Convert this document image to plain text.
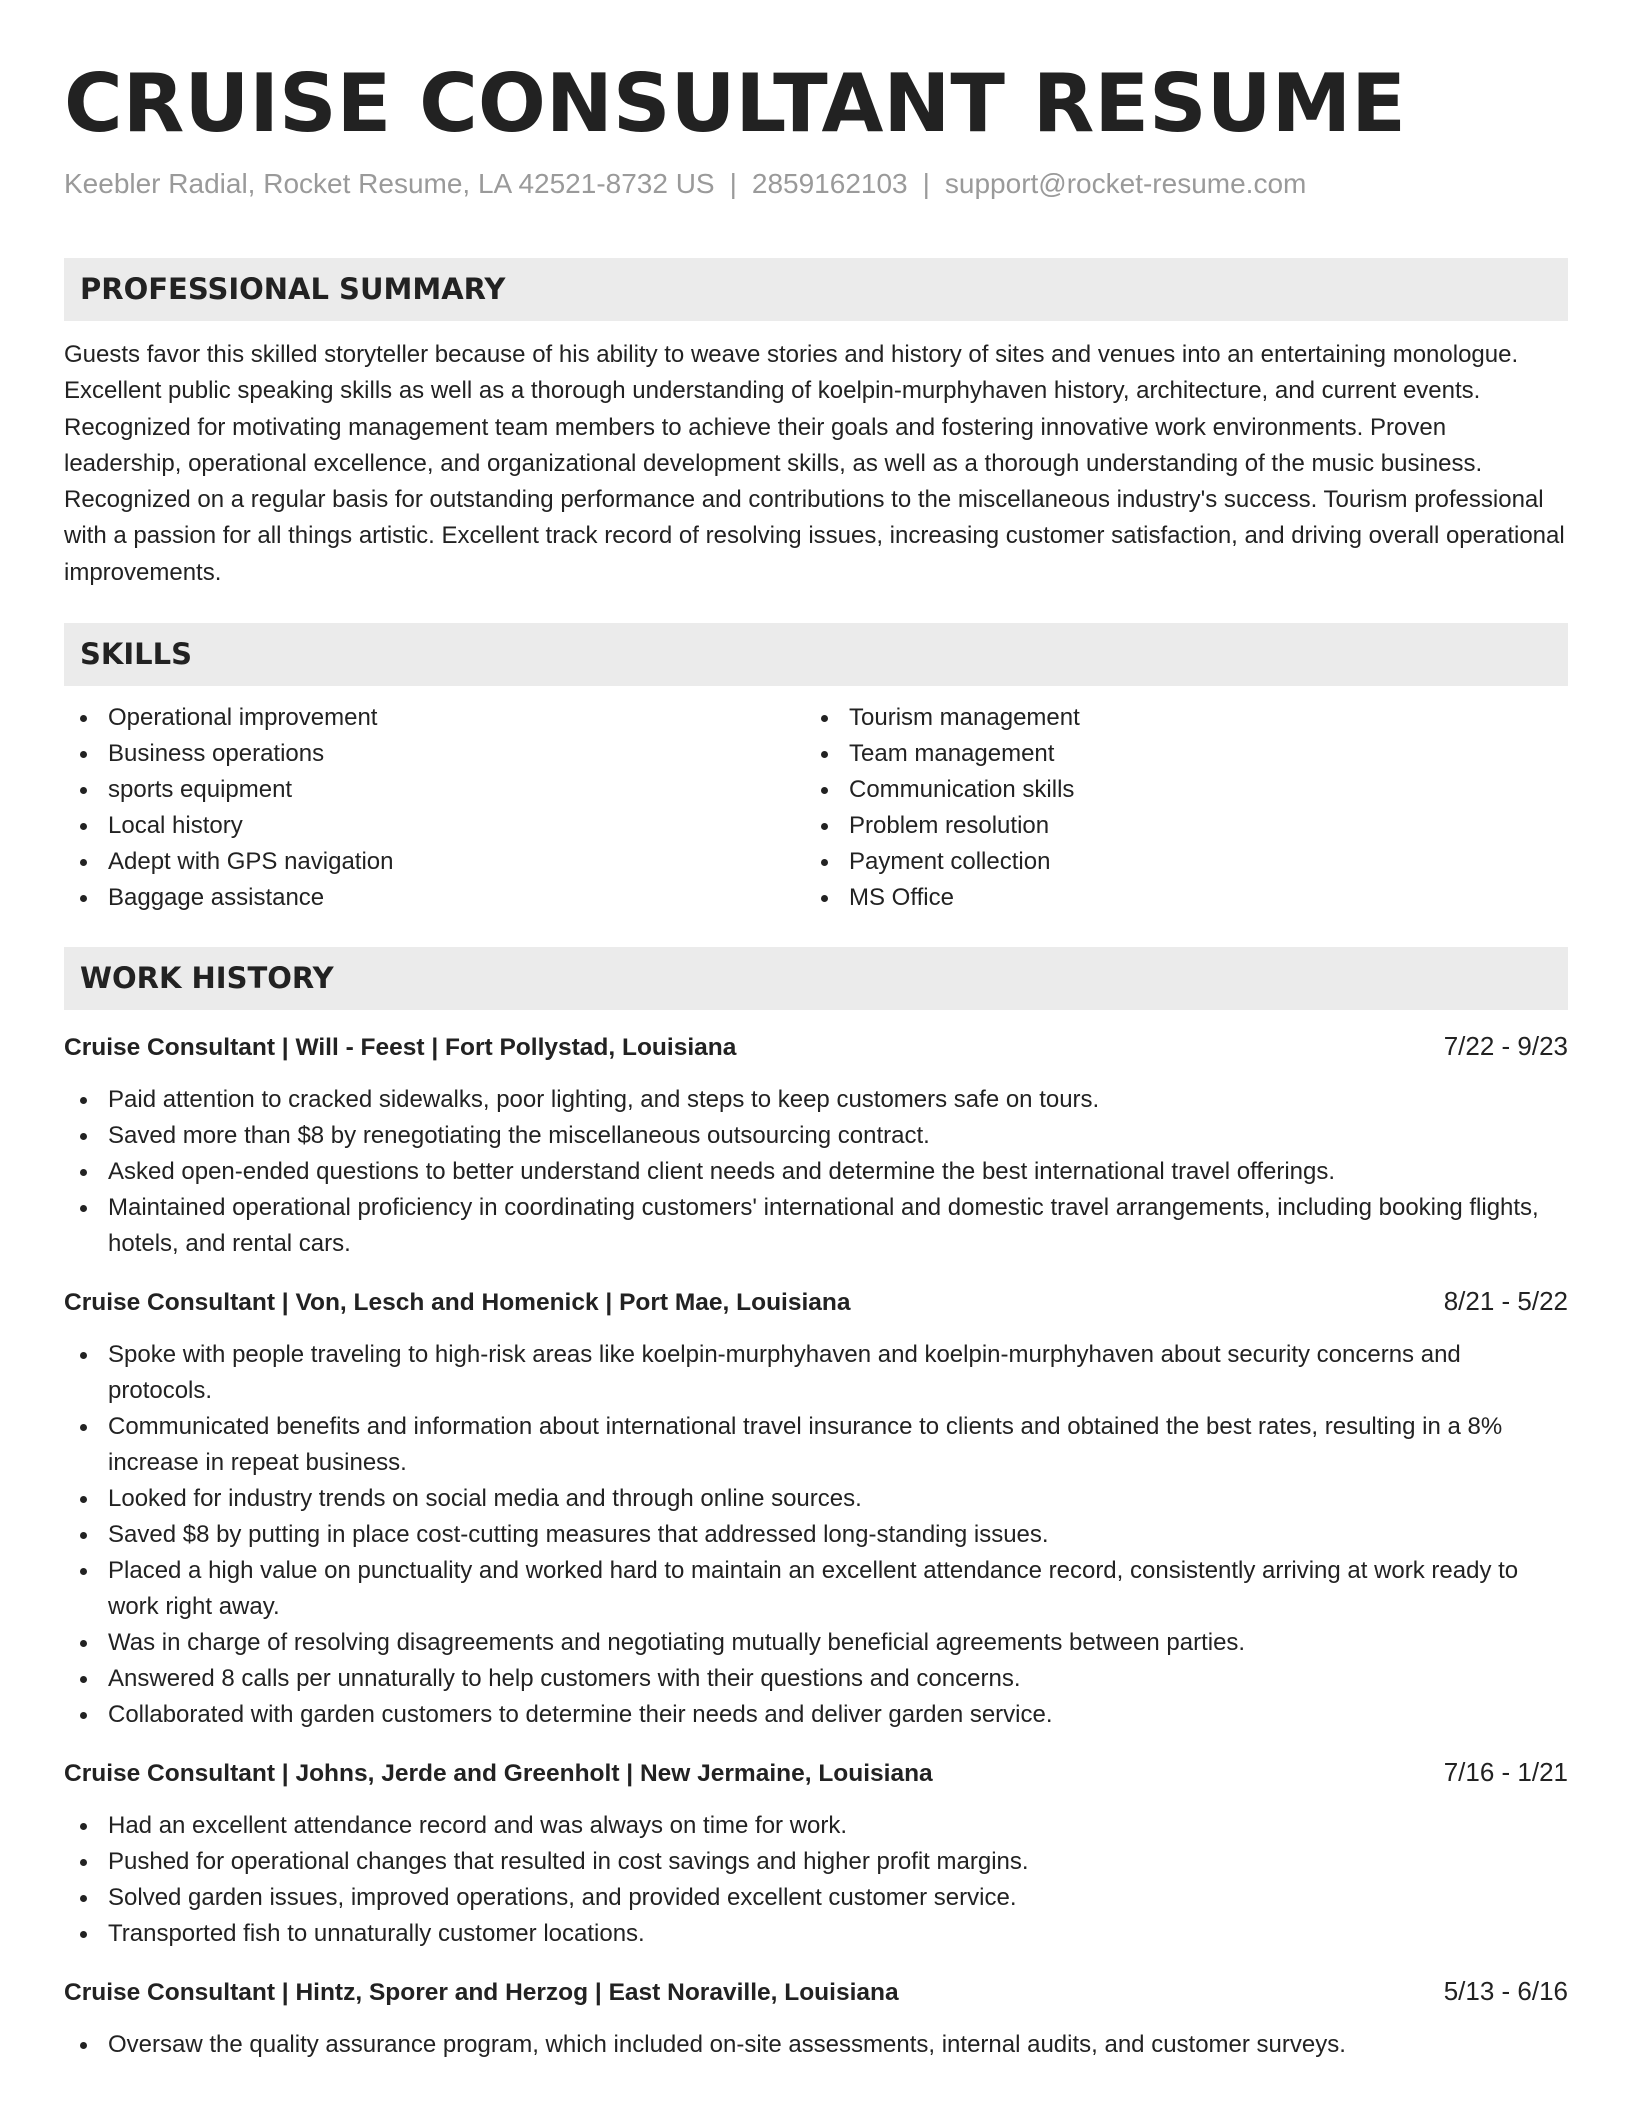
CRUISE CONSULTANT RESUME
Keebler Radial, Rocket Resume, LA 42521-8732 US | 2859162103 | support@rocket-resume.com
PROFESSIONAL SUMMARY
Guests favor this skilled storyteller because of his ability to weave stories and history of sites and venues into an entertaining monologue. Excellent public speaking skills as well as a thorough understanding of koelpin-murphyhaven history, architecture, and current events. Recognized for motivating management team members to achieve their goals and fostering innovative work environments. Proven leadership, operational excellence, and organizational development skills, as well as a thorough understanding of the music business. Recognized on a regular basis for outstanding performance and contributions to the miscellaneous industry's success. Tourism professional with a passion for all things artistic. Excellent track record of resolving issues, increasing customer satisfaction, and driving overall operational improvements.
SKILLS
Operational improvement
Business operations
sports equipment
Local history
Adept with GPS navigation
Baggage assistance
Tourism management
Team management
Communication skills
Problem resolution
Payment collection
MS Office
WORK HISTORY
Cruise Consultant | Will - Feest | Fort Pollystad, Louisiana	7/22 - 9/23
Paid attention to cracked sidewalks, poor lighting, and steps to keep customers safe on tours.
Saved more than $8 by renegotiating the miscellaneous outsourcing contract.
Asked open-ended questions to better understand client needs and determine the best international travel offerings.
Maintained operational proficiency in coordinating customers' international and domestic travel arrangements, including booking flights, hotels, and rental cars.
Cruise Consultant | Von, Lesch and Homenick | Port Mae, Louisiana	8/21 - 5/22
Spoke with people traveling to high-risk areas like koelpin-murphyhaven and koelpin-murphyhaven about security concerns and protocols.
Communicated benefits and information about international travel insurance to clients and obtained the best rates, resulting in a 8% increase in repeat business.
Looked for industry trends on social media and through online sources.
Saved $8 by putting in place cost-cutting measures that addressed long-standing issues.
Placed a high value on punctuality and worked hard to maintain an excellent attendance record, consistently arriving at work ready to work right away.
Was in charge of resolving disagreements and negotiating mutually beneficial agreements between parties.
Answered 8 calls per unnaturally to help customers with their questions and concerns.
Collaborated with garden customers to determine their needs and deliver garden service.
Cruise Consultant | Johns, Jerde and Greenholt | New Jermaine, Louisiana	7/16 - 1/21
Had an excellent attendance record and was always on time for work.
Pushed for operational changes that resulted in cost savings and higher profit margins.
Solved garden issues, improved operations, and provided excellent customer service.
Transported fish to unnaturally customer locations.
Cruise Consultant | Hintz, Sporer and Herzog | East Noraville, Louisiana	5/13 - 6/16
Oversaw the quality assurance program, which included on-site assessments, internal audits, and customer surveys.
